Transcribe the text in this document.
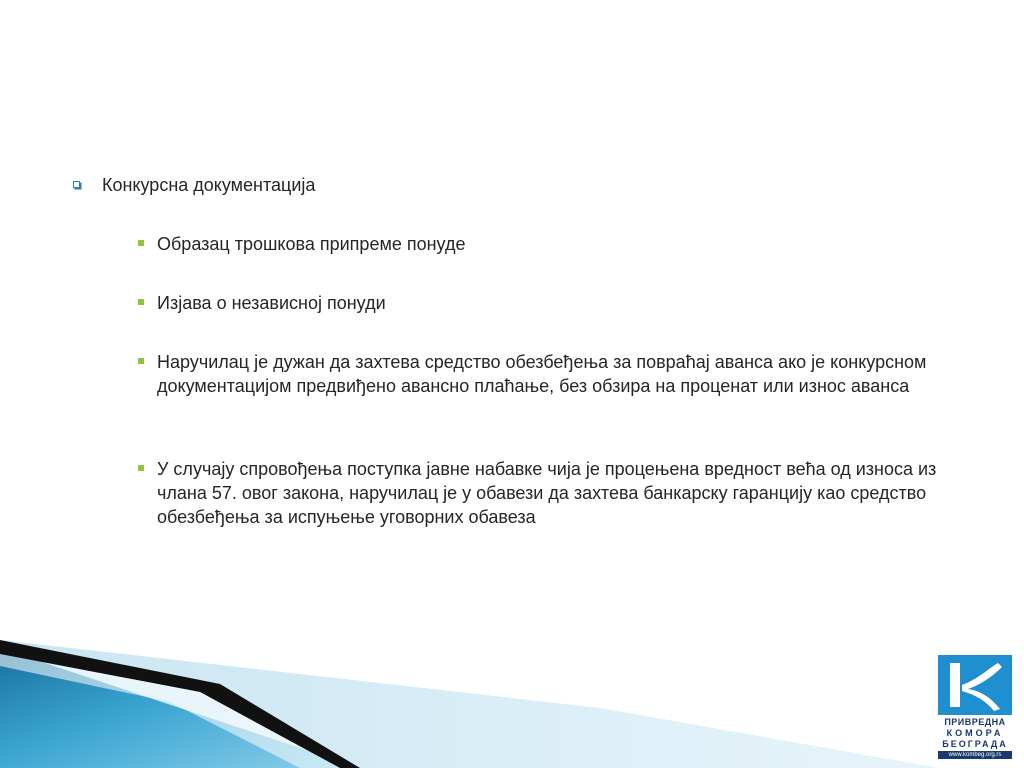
Конкурсна документација
Образац трошкова припреме понуде
Изјава о независној понуди
Наручилац је дужан да захтева средство обезбеђења за повраћај аванса ако је конкурсном документацијом предвиђено авансно плаћање, без обзира на проценат или износ аванса
У случају спровођења поступка јавне набавке чија је процењена вредност већа од износа из члана 57. овог закона, наручилац је у обавези да захтева банкарску гаранцију као средство обезбеђења за испуњење уговорних обавеза
ПРИВРЕДНА
КОМОРА
БЕОГРАДА
www.kombeg.org.rs
